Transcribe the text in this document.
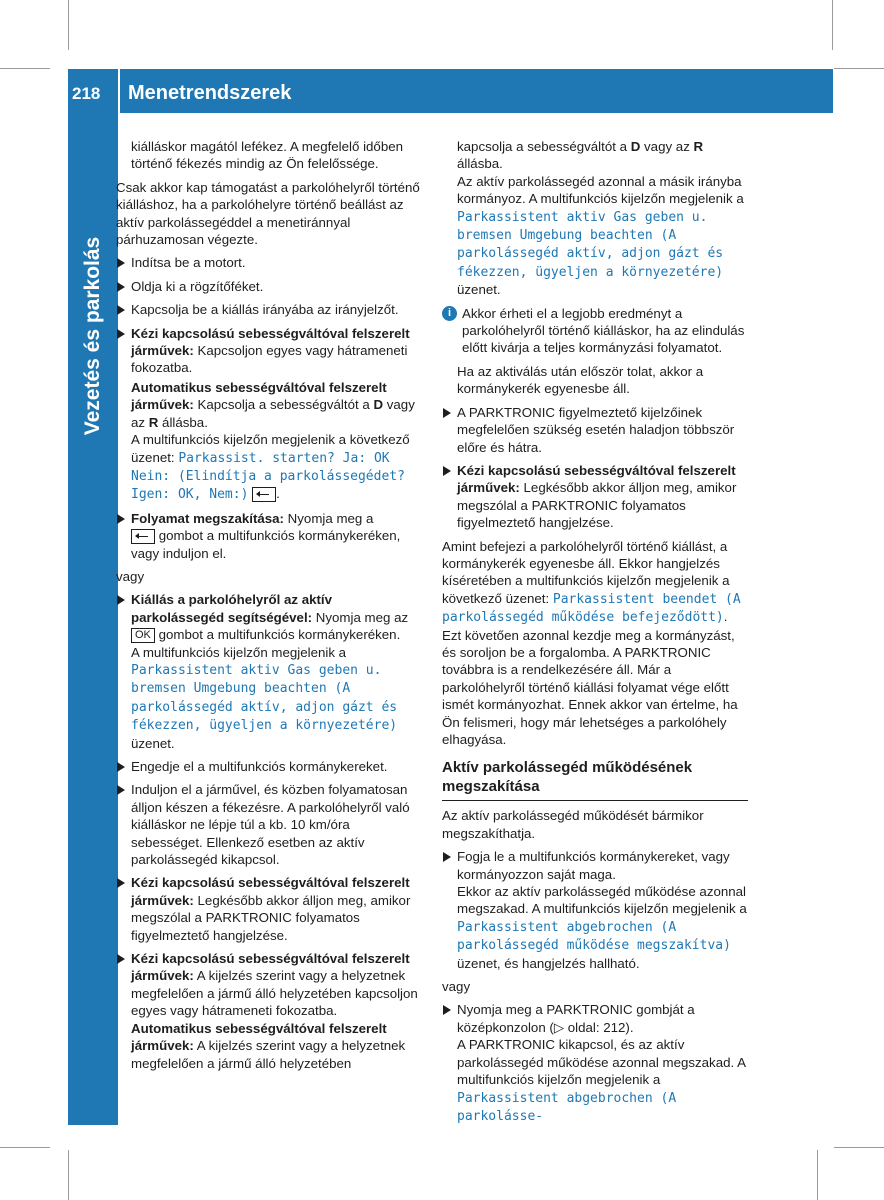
218	Menetrendszerek
Vezetés és parkolás

kiálláskor magától lefékez. A megfelelő időben történő fékezés mindig az Ön felelőssége.

Csak akkor kap támogatást a parkolóhelyről történő kiálláshoz, ha a parkolóhelyre történő beállást az aktív parkolássegéddel a menetiránnyal párhuzamosan végezte.

Indítsa be a motort.
Oldja ki a rögzítőféket.
Kapcsolja be a kiállás irányába az irányjelzőt.
Kézi kapcsolású sebességváltóval felszerelt járművek: Kapcsoljon egyes vagy hátrameneti fokozatba.
Automatikus sebességváltóval felszerelt járművek: Kapcsolja a sebességváltót a D vagy az R állásba.
A multifunkciós kijelzőn megjelenik a következő üzenet: Parkassist. starten? Ja: OK Nein: (Elindítja a parkolássegédet? Igen: OK, Nem:) .
Folyamat megszakítása: Nyomja meg a
gombot a multifunkciós kormánykeréken, vagy induljon el.

vagy

Kiállás a parkolóhelyről az aktív parkolássegéd segítségével: Nyomja meg az OK gombot a multifunkciós kormánykeréken.
A multifunkciós kijelzőn megjelenik a Parkassistent aktiv Gas geben u. bremsen Umgebung beachten (A parkolássegéd aktív, adjon gázt és fékezzen, ügyeljen a környezetére) üzenet.
Engedje el a multifunkciós kormánykereket.
Induljon el a járművel, és közben folyamatosan álljon készen a fékezésre. A parkolóhelyről való kiálláskor ne lépje túl a kb. 10 km/óra sebességet. Ellenkező esetben az aktív parkolássegéd kikapcsol.
Kézi kapcsolású sebességváltóval felszerelt járművek: Legkésőbb akkor álljon meg, amikor megszólal a PARKTRONIC folyamatos figyelmeztető hangjelzése.
Kézi kapcsolású sebességváltóval felszerelt járművek: A kijelzés szerint vagy a helyzetnek megfelelően a jármű álló helyzetében kapcsoljon egyes vagy hátrameneti fokozatba.
Automatikus sebességváltóval felszerelt járművek: A kijelzés szerint vagy a helyzetnek megfelelően a jármű álló helyzetében
kapcsolja a sebességváltót a D vagy az R állásba.
Az aktív parkolássegéd azonnal a másik irányba kormányoz. A multifunkciós kijelzőn megjelenik a Parkassistent aktiv Gas geben u. bremsen Umgebung beachten (A parkolássegéd aktív, adjon gázt és fékezzen, ügyeljen a környezetére) üzenet.
i Akkor érheti el a legjobb eredményt a parkolóhelyről történő kiálláskor, ha az elindulás előtt kivárja a teljes kormányzási folyamatot.
Ha az aktiválás után először tolat, akkor a kormánykerék egyenesbe áll.
A PARKTRONIC figyelmeztető kijelzőinek megfelelően szükség esetén haladjon többször előre és hátra.
Kézi kapcsolású sebességváltóval felszerelt járművek: Legkésőbb akkor álljon meg, amikor megszólal a PARKTRONIC folyamatos figyelmeztető hangjelzése.

Amint befejezi a parkolóhelyről történő kiállást, a kormánykerék egyenesbe áll. Ekkor hangjelzés kíséretében a multifunkciós kijelzőn megjelenik a következő üzenet: Parkassistent beendet (A parkolássegéd működése befejeződött). Ezt követően azonnal kezdje meg a kormányzást, és soroljon be a forgalomba. A PARKTRONIC továbbra is a rendelkezésére áll. Már a parkolóhelyről történő kiállási folyamat vége előtt ismét kormányozhat. Ennek akkor van értelme, ha Ön felismeri, hogy már lehetséges a parkolóhely elhagyása.

Aktív parkolássegéd működésének megszakítása

Az aktív parkolássegéd működését bármikor megszakíthatja.

Fogja le a multifunkciós kormánykereket, vagy kormányozzon saját maga.
Ekkor az aktív parkolássegéd működése azonnal megszakad. A multifunkciós kijelzőn megjelenik a Parkassistent abgebrochen (A parkolássegéd működése megszakítva) üzenet, és hangjelzés hallható.

vagy

Nyomja meg a PARKTRONIC gombját a középkonzolon (▷ oldal: 212).
A PARKTRONIC kikapcsol, és az aktív parkolássegéd működése azonnal megszakad. A multifunkciós kijelzőn megjelenik a Parkassistent abgebrochen (A parkolásse-
